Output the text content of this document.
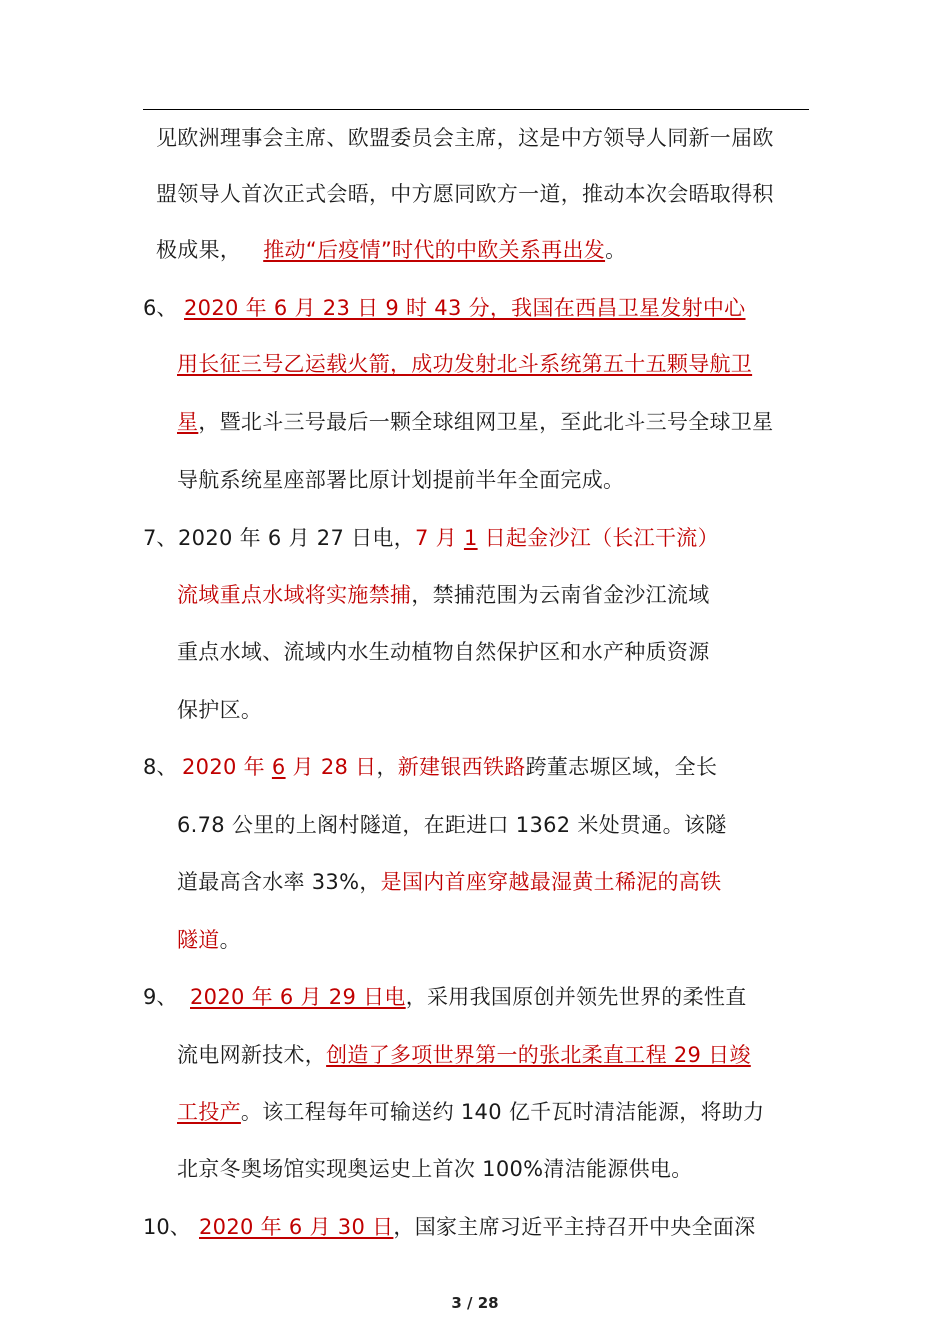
见欧洲理事会主席、欧盟委员会主席，这是中方领导人同新一届欧
盟领导人首次正式会晤，中方愿同欧方一道，推动本次会晤取得积
极成果， 推动“后疫情”时代的中欧关系再出发。
6、 2020 年 6 月 23 日 9 时 43 分，我国在西昌卫星发射中心
用长征三号乙运载火箭，成功发射北斗系统第五十五颗导航卫
星，暨北斗三号最后一颗全球组网卫星，至此北斗三号全球卫星
导航系统星座部署比原计划提前半年全面完成。
7、 2020 年 6 月 27 日电，7 月 1 日起金沙江（长江干流）
流域重点水域将实施禁捕，禁捕范围为云南省金沙江流域
重点水域、流域内水生动植物自然保护区和水产种质资源
保护区。
8、 2020 年 6 月 28 日，新建银西铁路跨董志塬区域，全长
6.78 公里的上阁村隧道，在距进口 1362 米处贯通。该隧
道最高含水率 33%，是国内首座穿越最湿黄土稀泥的高铁
隧道。
9、 2020 年 6 月 29 日电，采用我国原创并领先世界的柔性直
流电网新技术，创造了多项世界第一的张北柔直工程 29 日竣
工投产。该工程每年可输送约 140 亿千瓦时清洁能源，将助力
北京冬奥场馆实现奥运史上首次 100%清洁能源供电。
10、 2020 年 6 月 30 日，国家主席习近平主持召开中央全面深
3 / 28
